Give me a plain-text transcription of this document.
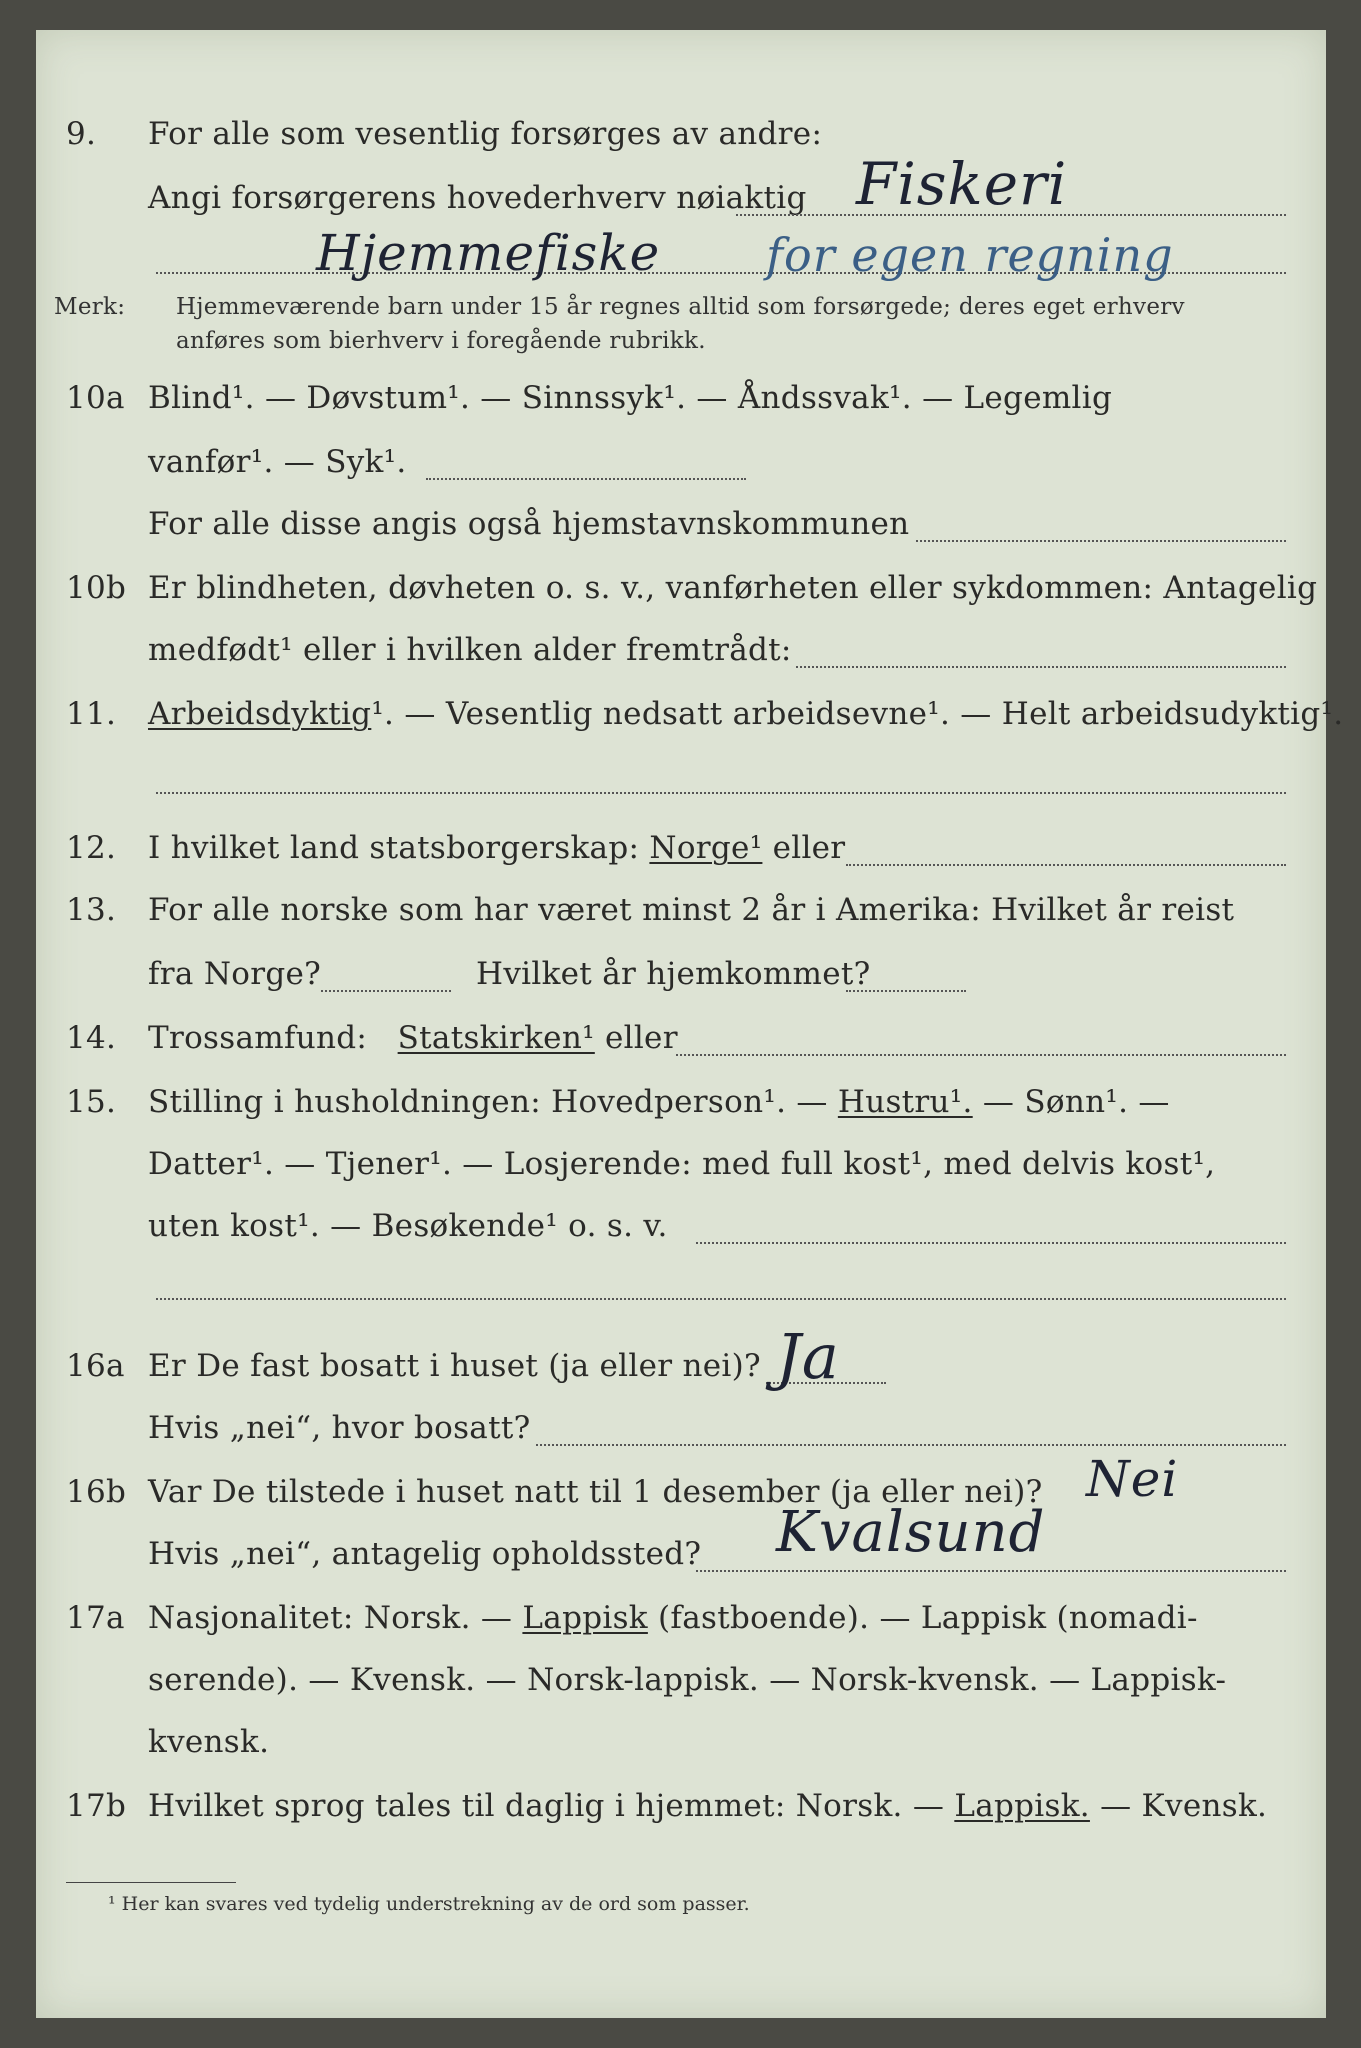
9. For alle som vesentlig forsørges av andre:
Angi forsørgerens hovederhverv nøiaktig Fiskeri
Hjemmefiske for egen regning
Merk: Hjemmeværende barn under 15 år regnes alltid som forsørgede; deres eget erhverv
anføres som bierhverv i foregående rubrikk.
10a Blind¹. — Døvstum¹. — Sinnssyk¹. — Åndssvak¹. — Legemlig
vanfør¹. — Syk¹.
For alle disse angis også hjemstavnskommunen
10b Er blindheten, døvheten o. s. v., vanførheten eller sykdommen: Antagelig
medfødt¹ eller i hvilken alder fremtrådt:
11. Arbeidsdyktig¹. — Vesentlig nedsatt arbeidsevne¹. — Helt arbeidsudyktig¹.
12. I hvilket land statsborgerskap: Norge¹ eller
13. For alle norske som har været minst 2 år i Amerika: Hvilket år reist
fra Norge?	Hvilket år hjemkommet?
14. Trossamfund: Statskirken¹ eller
15. Stilling i husholdningen: Hovedperson¹. — Hustru¹. — Sønn¹. —
Datter¹. — Tjener¹. — Losjerende: med full kost¹, med delvis kost¹,
uten kost¹. — Besøkende¹ o. s. v.
16a Er De fast bosatt i huset (ja eller nei)? Ja
Hvis „nei“, hvor bosatt?
16b Var De tilstede i huset natt til 1 desember (ja eller nei)? Nei
Hvis „nei“, antagelig opholdssted? Kvalsund
17a Nasjonalitet: Norsk. — Lappisk (fastboende). — Lappisk (nomadi-
serende). — Kvensk. — Norsk-lappisk. — Norsk-kvensk. — Lappisk-
kvensk.
17b Hvilket sprog tales til daglig i hjemmet: Norsk. — Lappisk. — Kvensk.
¹ Her kan svares ved tydelig understrekning av de ord som passer.
